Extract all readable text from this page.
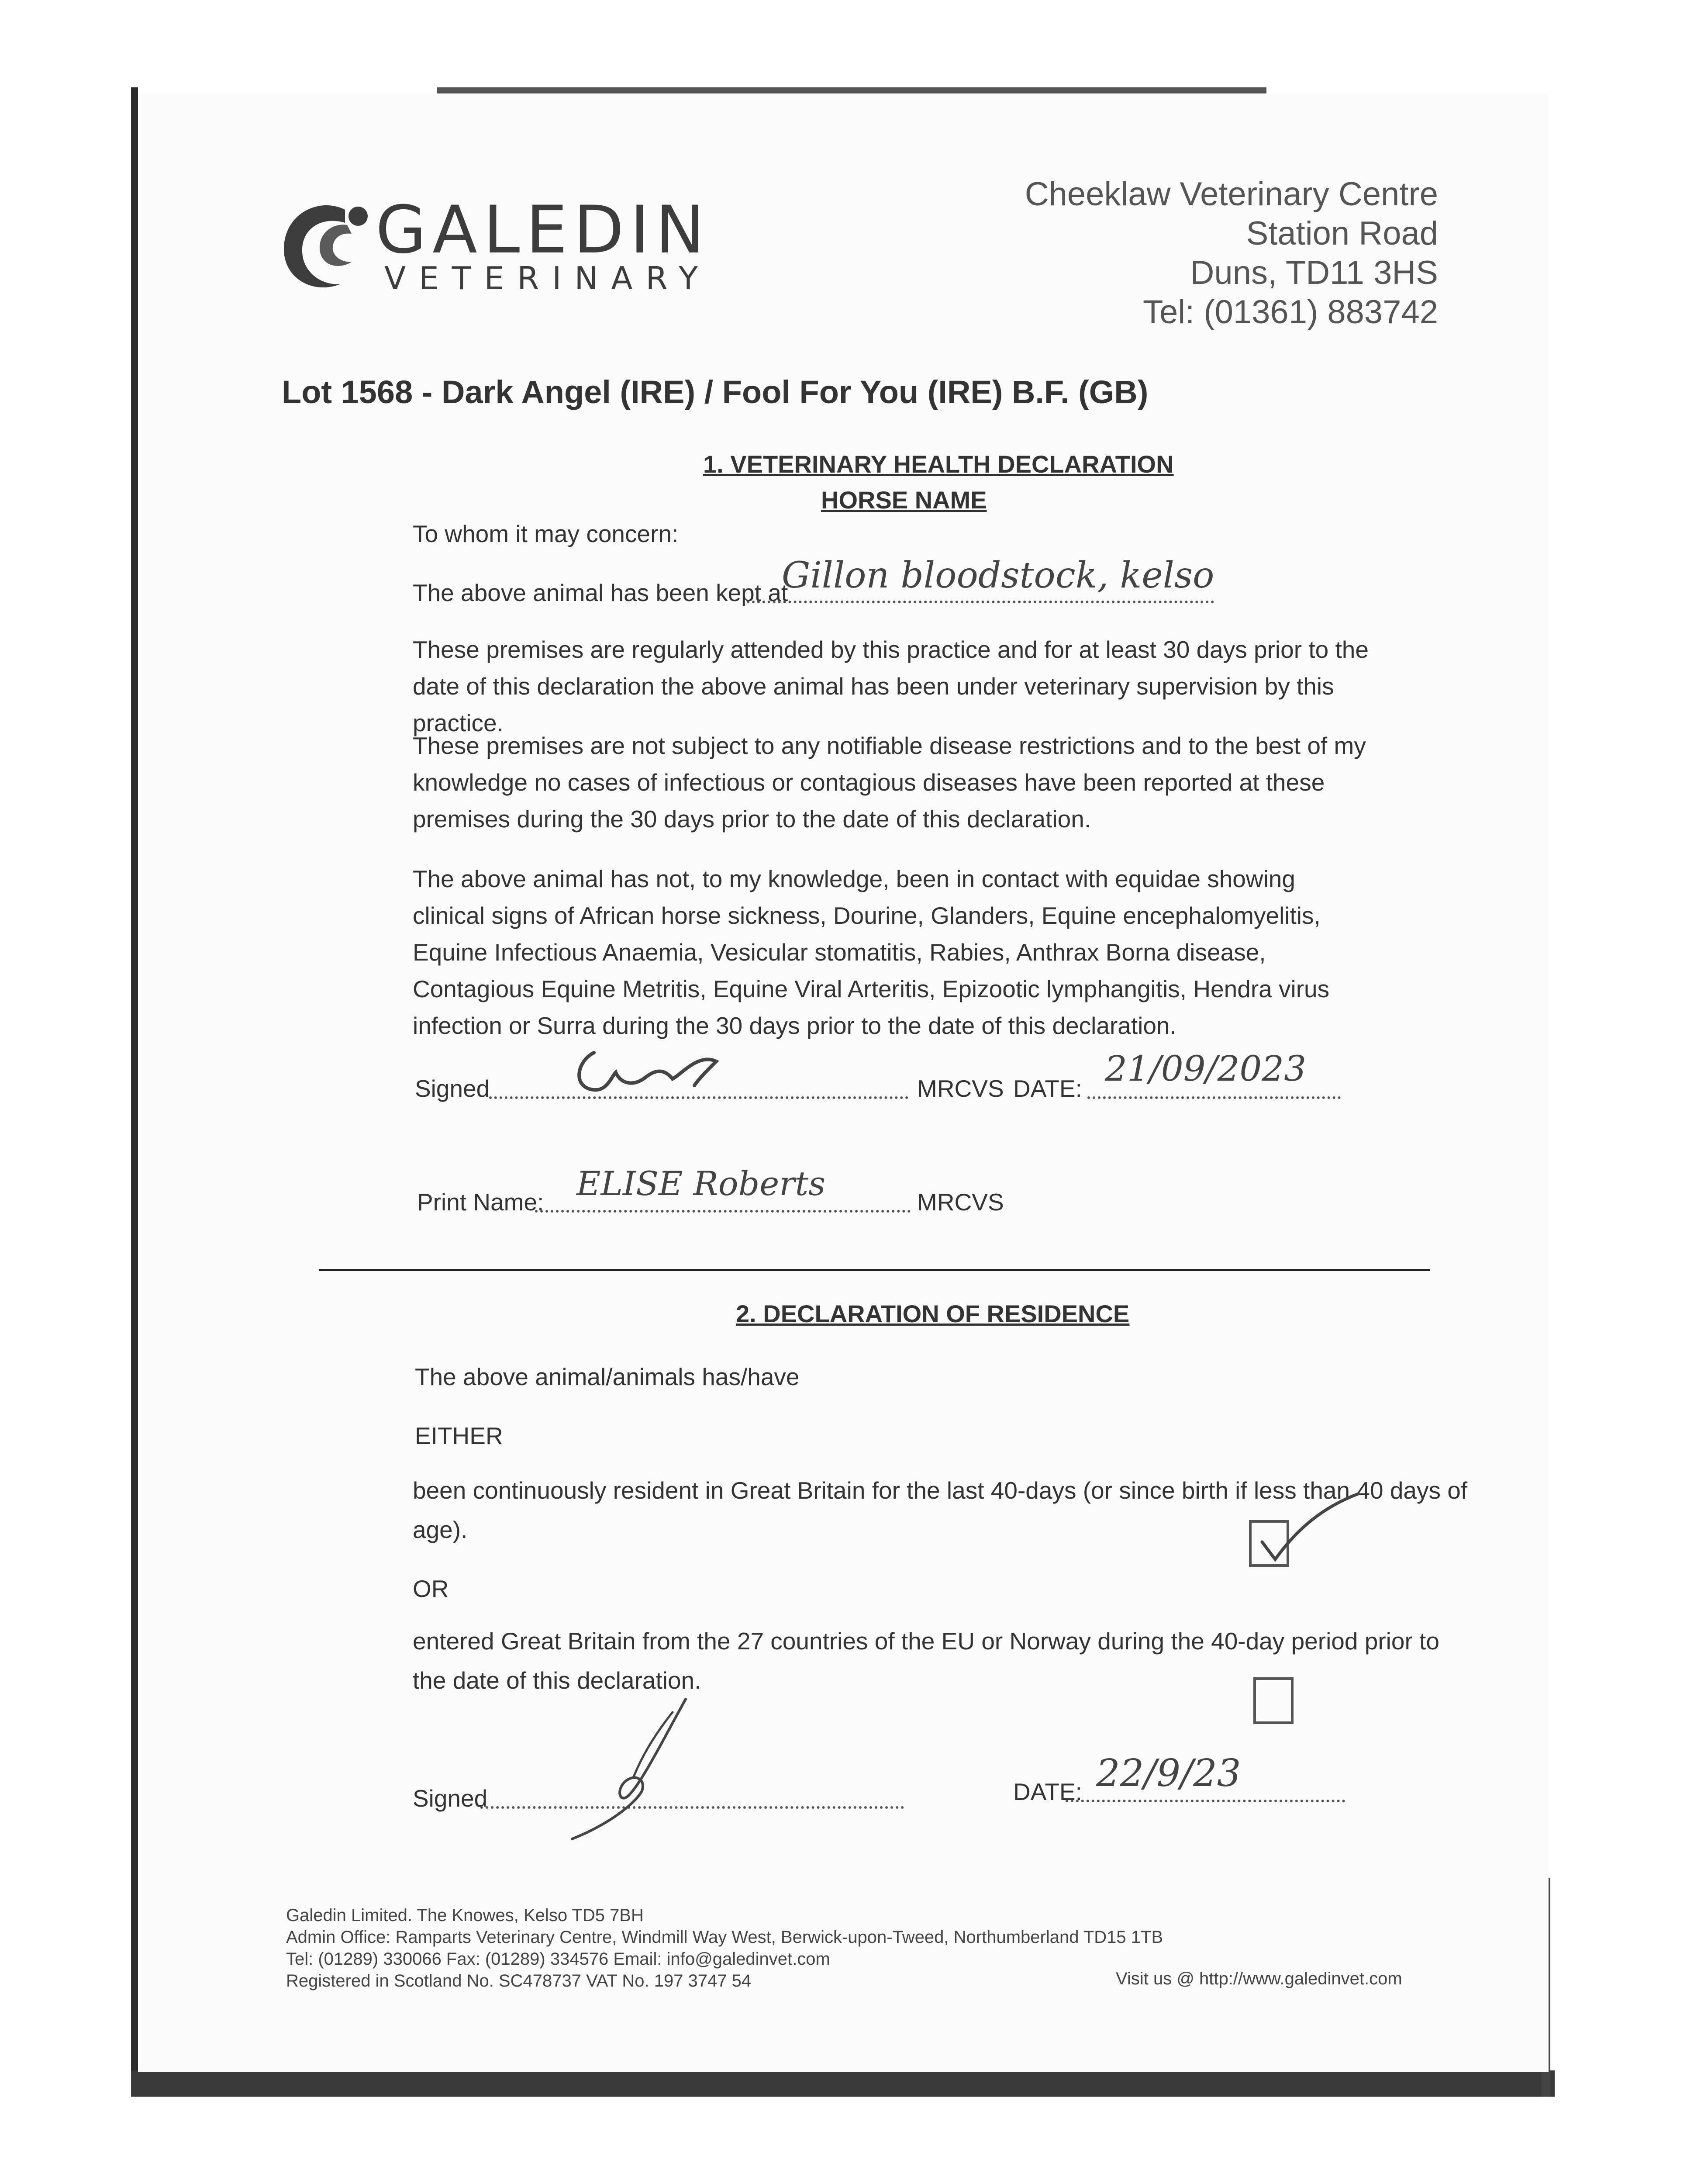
GALEDIN
VETERINARY
Cheeklaw Veterinary Centre
Station Road
Duns, TD11 3HS
Tel: (01361) 883742
Lot 1568 - Dark Angel (IRE) / Fool For You (IRE) B.F. (GB)
1. VETERINARY HEALTH DECLARATION
HORSE NAME
To whom it may concern:
The above animal has been kept at
Gillon bloodstock, kelso
These premises are regularly attended by this practice and for at least 30 days prior to the date of this declaration the above animal has been under veterinary supervision by this practice.
These premises are not subject to any notifiable disease restrictions and to the best of my knowledge no cases of infectious or contagious diseases have been reported at these premises during the 30 days prior to the date of this declaration.
The above animal has not, to my knowledge, been in contact with equidae showing clinical signs of African horse sickness, Dourine, Glanders, Equine encephalomyelitis, Equine Infectious Anaemia, Vesicular stomatitis, Rabies, Anthrax Borna disease, Contagious Equine Metritis, Equine Viral Arteritis, Epizootic lymphangitis, Hendra virus infection or Surra during the 30 days prior to the date of this declaration.
Signed	MRCVS DATE: 21/09/2023
Print Name: ELISE Roberts	MRCVS
2. DECLARATION OF RESIDENCE
The above animal/animals has/have
EITHER
been continuously resident in Great Britain for the last 40-days (or since birth if less than 40 days of
age).
OR
entered Great Britain from the 27 countries of the EU or Norway during the 40-day period prior to
the date of this declaration.
Signed	DATE: 22/9/23
Galedin Limited. The Knowes, Kelso TD5 7BH
Admin Office: Ramparts Veterinary Centre, Windmill Way West, Berwick-upon-Tweed, Northumberland TD15 1TB
Tel: (01289) 330066 Fax: (01289) 334576 Email: info@galedinvet.com
Registered in Scotland No. SC478737 VAT No. 197 3747 54	Visit us @ http://www.galedinvet.com
